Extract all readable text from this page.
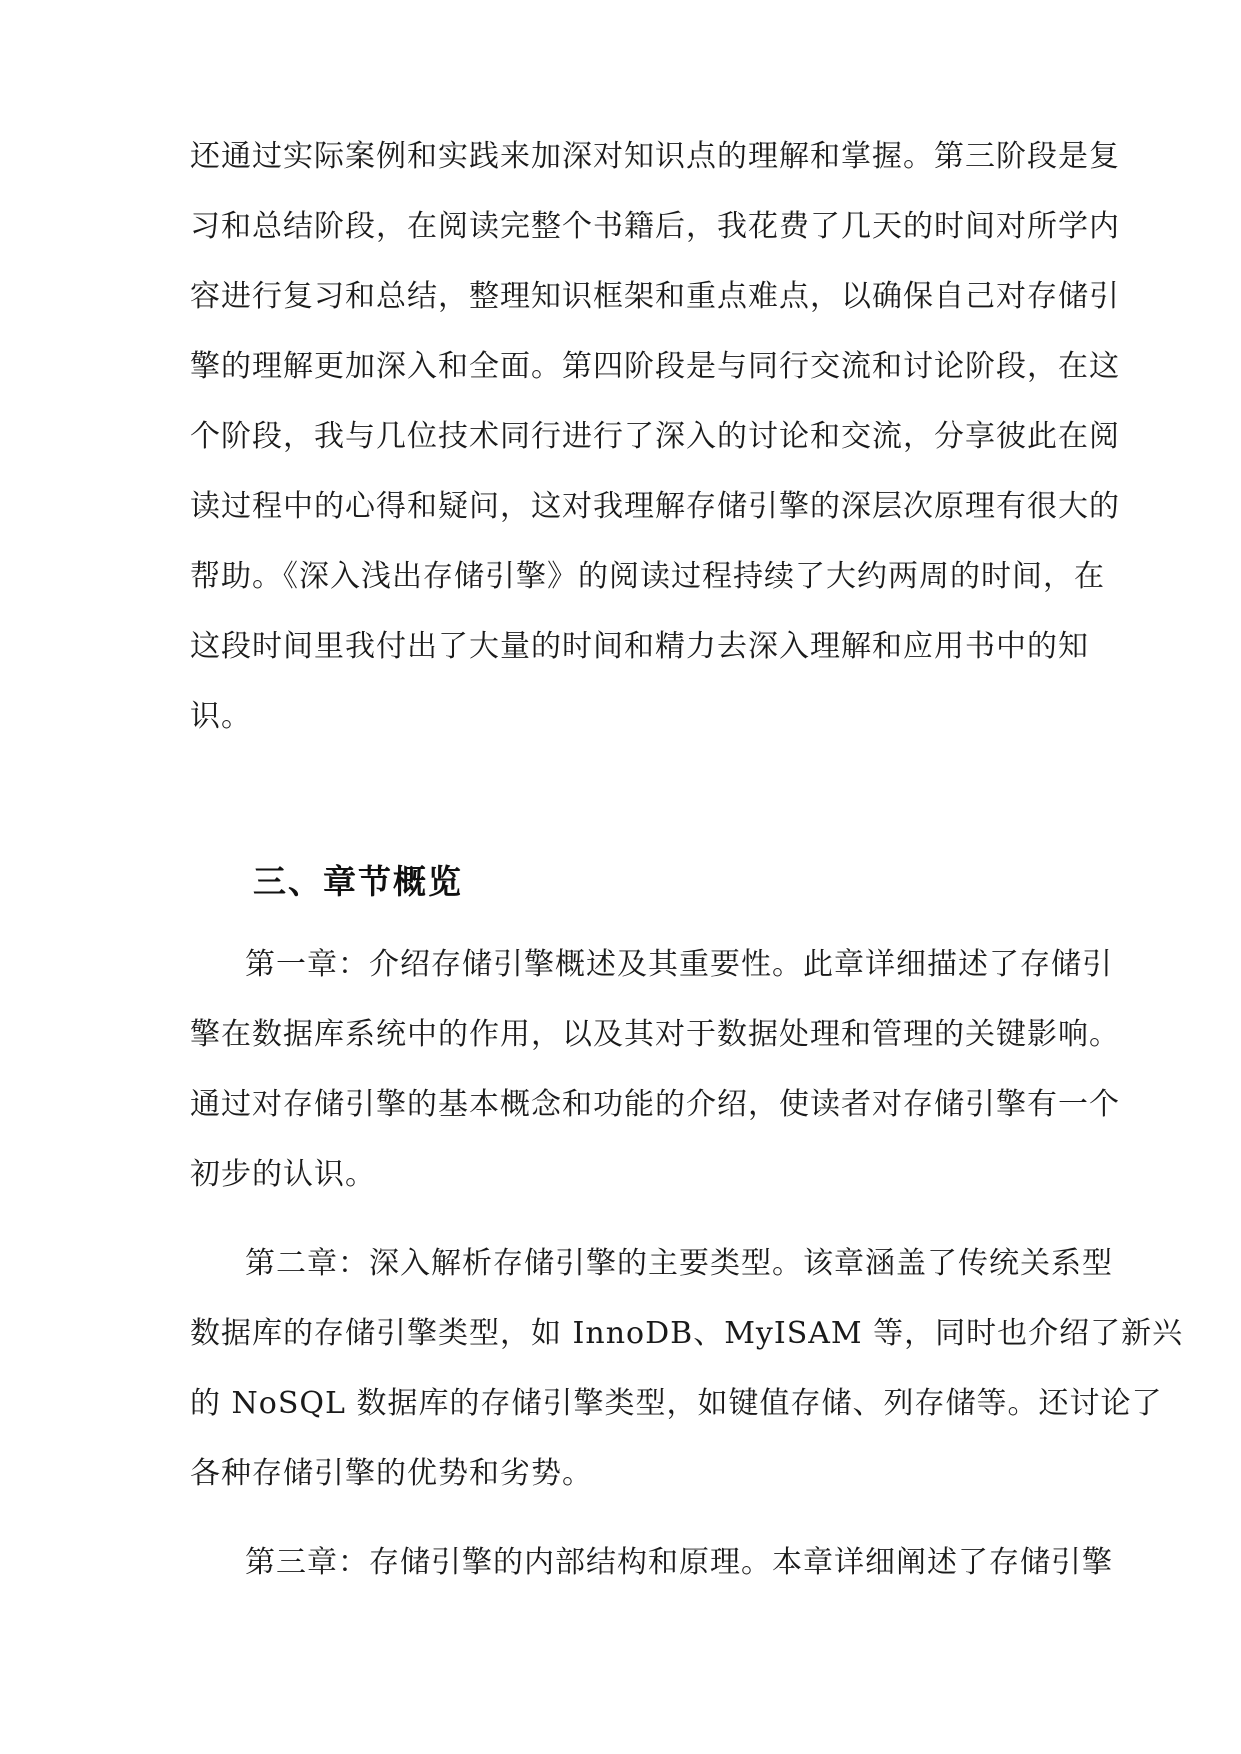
还通过实际案例和实践来加深对知识点的理解和掌握。第三阶段是复
习和总结阶段，在阅读完整个书籍后，我花费了几天的时间对所学内
容进行复习和总结，整理知识框架和重点难点，以确保自己对存储引
擎的理解更加深入和全面。第四阶段是与同行交流和讨论阶段，在这
个阶段，我与几位技术同行进行了深入的讨论和交流，分享彼此在阅
读过程中的心得和疑问，这对我理解存储引擎的深层次原理有很大的
帮助。《深入浅出存储引擎》的阅读过程持续了大约两周的时间，在
这段时间里我付出了大量的时间和精力去深入理解和应用书中的知
识。
三、章节概览
第一章：介绍存储引擎概述及其重要性。此章详细描述了存储引
擎在数据库系统中的作用，以及其对于数据处理和管理的关键影响。
通过对存储引擎的基本概念和功能的介绍，使读者对存储引擎有一个
初步的认识。
第二章：深入解析存储引擎的主要类型。该章涵盖了传统关系型
数据库的存储引擎类型，如 InnoDB、MyISAM 等，同时也介绍了新兴
的 NoSQL 数据库的存储引擎类型，如键值存储、列存储等。还讨论了
各种存储引擎的优势和劣势。
第三章：存储引擎的内部结构和原理。本章详细阐述了存储引擎
